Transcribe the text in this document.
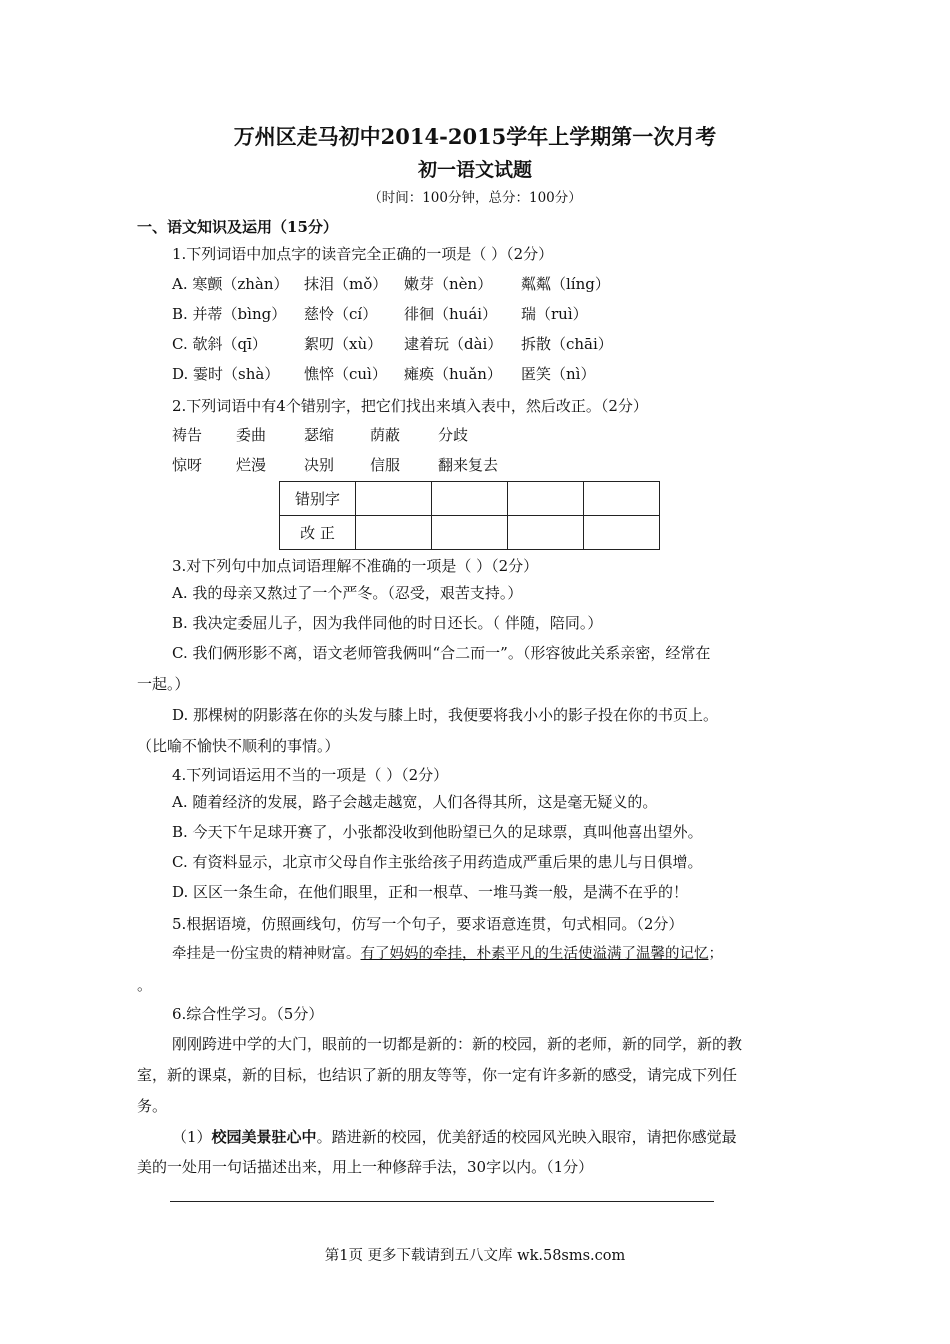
万州区走马初中2014-2015学年上学期第一次月考
初一语文试题
（时间：100分钟，总分：100分）
一、语文知识及运用（15分）
1.下列词语中加点字的读音完全正确的一项是（ ）（2分）
A. 寒颤（zhàn） 抹泪（mǒ） 嫩芽（nèn） 粼粼（líng）
B. 并蒂（bìng） 慈怜（cí） 徘徊（huái） 瑞（ruì）
C. 欹斜（qī） 絮叨（xù） 逮着玩（dài） 拆散（chāi）
D. 霎时（shà） 憔悴（cuì） 瘫痪（huǎn） 匿笑（nì）
2.下列词语中有4个错别字，把它们找出来填入表中，然后改正。（2分）
祷告 委曲	瑟缩 荫蔽	分歧
惊呀 烂漫	决别 信服	翻来复去
错别字				
改 正				
3.对下列句中加点词语理解不准确的一项是（ ）（2分）
A. 我的母亲又熬过了一个严冬。（忍受，艰苦支持。）
B. 我决定委屈儿子，因为我伴同他的时日还长。（ 伴随，陪同。）
C. 我们俩形影不离，语文老师管我俩叫“合二而一”。（形容彼此关系亲密，经常在
一起。）
D. 那棵树的阴影落在你的头发与膝上时，我便要将我小小的影子投在你的书页上。
（比喻不愉快不顺利的事情。）
4.下列词语运用不当的一项是（ ）（2分）
A. 随着经济的发展，路子会越走越宽，人们各得其所，这是毫无疑义的。
B. 今天下午足球开赛了，小张都没收到他盼望已久的足球票，真叫他喜出望外。
C. 有资料显示，北京市父母自作主张给孩子用药造成严重后果的患儿与日俱增。
D. 区区一条生命，在他们眼里，正和一根草、一堆马粪一般，是满不在乎的！
5.根据语境，仿照画线句，仿写一个句子，要求语意连贯，句式相同。（2分）
牵挂是一份宝贵的精神财富。有了妈妈的牵挂，朴素平凡的生活使溢满了温馨的记忆；
。
6.综合性学习。（5分）
刚刚跨进中学的大门，眼前的一切都是新的：新的校园，新的老师，新的同学，新的教
室，新的课桌，新的目标，也结识了新的朋友等等，你一定有许多新的感受，请完成下列任
务。
（1）校园美景驻心中。踏进新的校园，优美舒适的校园风光映入眼帘，请把你感觉最
美的一处用一句话描述出来，用上一种修辞手法，30字以内。（1分）
第1页 更多下载请到五八文库 wk.58sms.com
